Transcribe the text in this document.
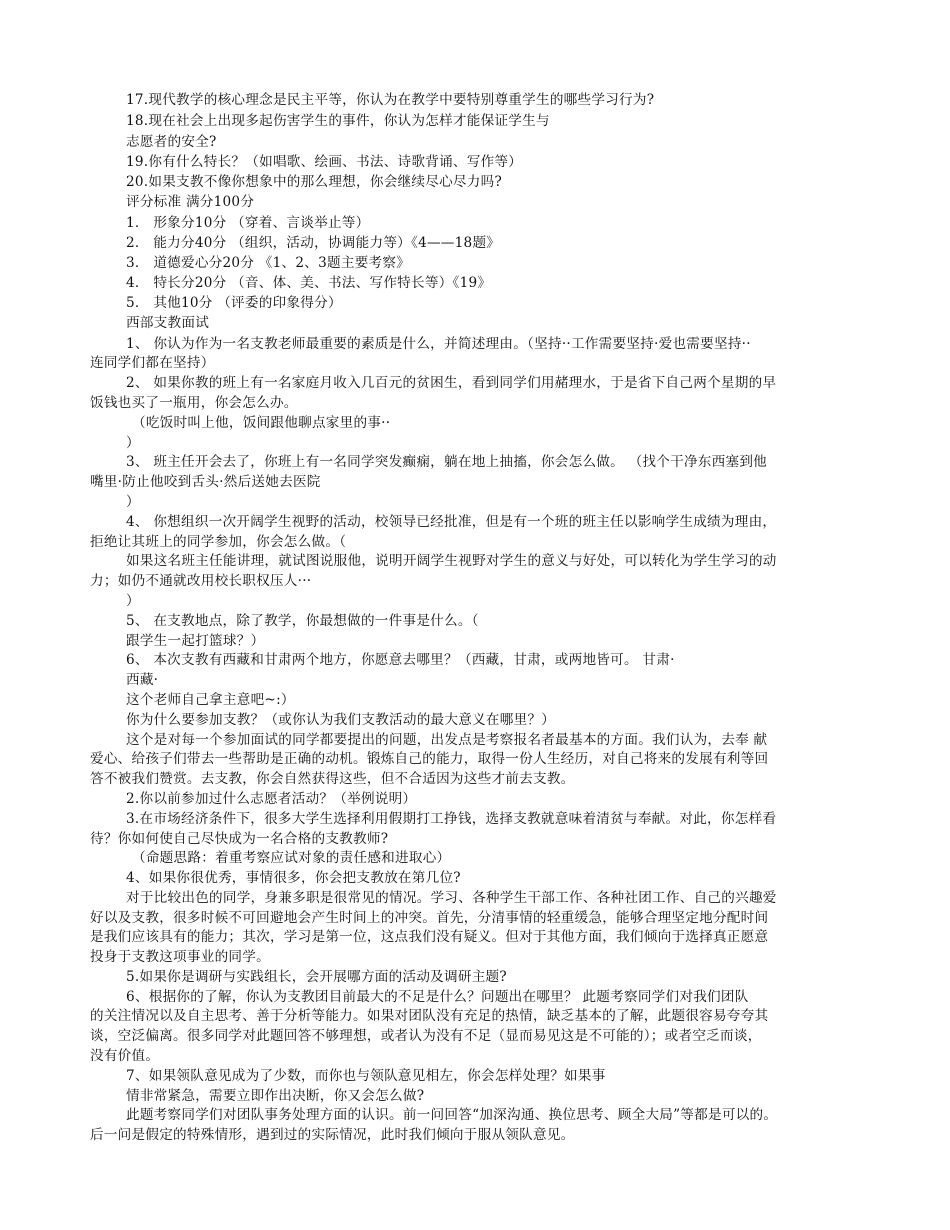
17.现代教学的核心理念是民主平等，你认为在教学中要特别尊重学生的哪些学习行为?
18.现在社会上出现多起伤害学生的事件，你认为怎样才能保证学生与
志愿者的安全?
19.你有什么特长？（如唱歌、绘画、书法、诗歌背诵、写作等）
20.如果支教不像你想象中的那么理想，你会继续尽心尽力吗?
评分标准 满分100分
1． 形象分10分 （穿着、言谈举止等）
2． 能力分40分 （组织，活动，协调能力等）《4——18题》
3． 道德爱心分20分 《1、2、3题主要考察》
4． 特长分20分 （音、体、美、书法、写作特长等）《19》
5． 其他10分 （评委的印象得分）
西部支教面试
1、 你认为作为一名支教老师最重要的素质是什么，并简述理由。（坚持··工作需要坚持·爱也需要坚持··
连同学们都在坚持）
2、 如果你教的班上有一名家庭月收入几百元的贫困生，看到同学们用赭理水，于是省下自己两个星期的早
饭钱也买了一瓶用，你会怎么办。
（吃饭时叫上他，饭间跟他聊点家里的事··
）
3、 班主任开会去了，你班上有一名同学突发癫痫，躺在地上抽搐，你会怎么做。 （找个干净东西塞到他
嘴里·防止他咬到舌头·然后送她去医院
）
4、 你想组织一次开阔学生视野的活动，校领导已经批准，但是有一个班的班主任以影响学生成绩为理由，
拒绝让其班上的同学参加，你会怎么做。（
如果这名班主任能讲理，就试图说服他，说明开阔学生视野对学生的意义与好处，可以转化为学生学习的动
力；如仍不通就改用校长职权压人···
）
5、 在支教地点，除了教学，你最想做的一件事是什么。（
跟学生一起打篮球？）
6、 本次支教有西藏和甘肃两个地方，你愿意去哪里？（西藏，甘肃，或两地皆可。 甘肃·
西藏·
这个老师自己拿主意吧~:）
你为什么要参加支教？（或你认为我们支教活动的最大意义在哪里？）
这个是对每一个参加面试的同学都要提出的问题，出发点是考察报名者最基本的方面。我们认为，去奉 献
爱心、给孩子们带去一些帮助是正确的动机。锻炼自己的能力，取得一份人生经历，对自己将来的发展有利等回
答不被我们赞赏。去支教，你会自然获得这些，但不合适因为这些才前去支教。
2.你以前参加过什么志愿者活动？（举例说明）
3.在市场经济条件下，很多大学生选择利用假期打工挣钱，选择支教就意味着清贫与奉献。对此，你怎样看
待？你如何使自己尽快成为一名合格的支教教师?
（命题思路：着重考察应试对象的责任感和进取心）
4、如果你很优秀，事情很多，你会把支教放在第几位?
对于比较出色的同学，身兼多职是很常见的情况。学习、各种学生干部工作、各种社团工作、自己的兴趣爱
好以及支教，很多时候不可回避地会产生时间上的冲突。首先，分清事情的轻重缓急，能够合理坚定地分配时间
是我们应该具有的能力；其次，学习是第一位，这点我们没有疑义。但对于其他方面，我们倾向于选择真正愿意
投身于支教这项事业的同学。
5.如果你是调研与实践组长，会开展哪方面的活动及调研主题?
6、根据你的了解，你认为支教团目前最大的不足是什么？问题出在哪里？ 此题考察同学们对我们团队
的关注情况以及自主思考、善于分析等能力。如果对团队没有充足的热情，缺乏基本的了解，此题很容易夸夸其
谈，空泛偏离。很多同学对此题回答不够理想，或者认为没有不足（显而易见这是不可能的）；或者空乏而谈，
没有价值。
7、如果领队意见成为了少数，而你也与领队意见相左，你会怎样处理？如果事
情非常紧急，需要立即作出决断，你又会怎么做?
此题考察同学们对团队事务处理方面的认识。前一问回答“加深沟通、换位思考、顾全大局”等都是可以的。
后一问是假定的特殊情形，遇到过的实际情况，此时我们倾向于服从领队意见。
